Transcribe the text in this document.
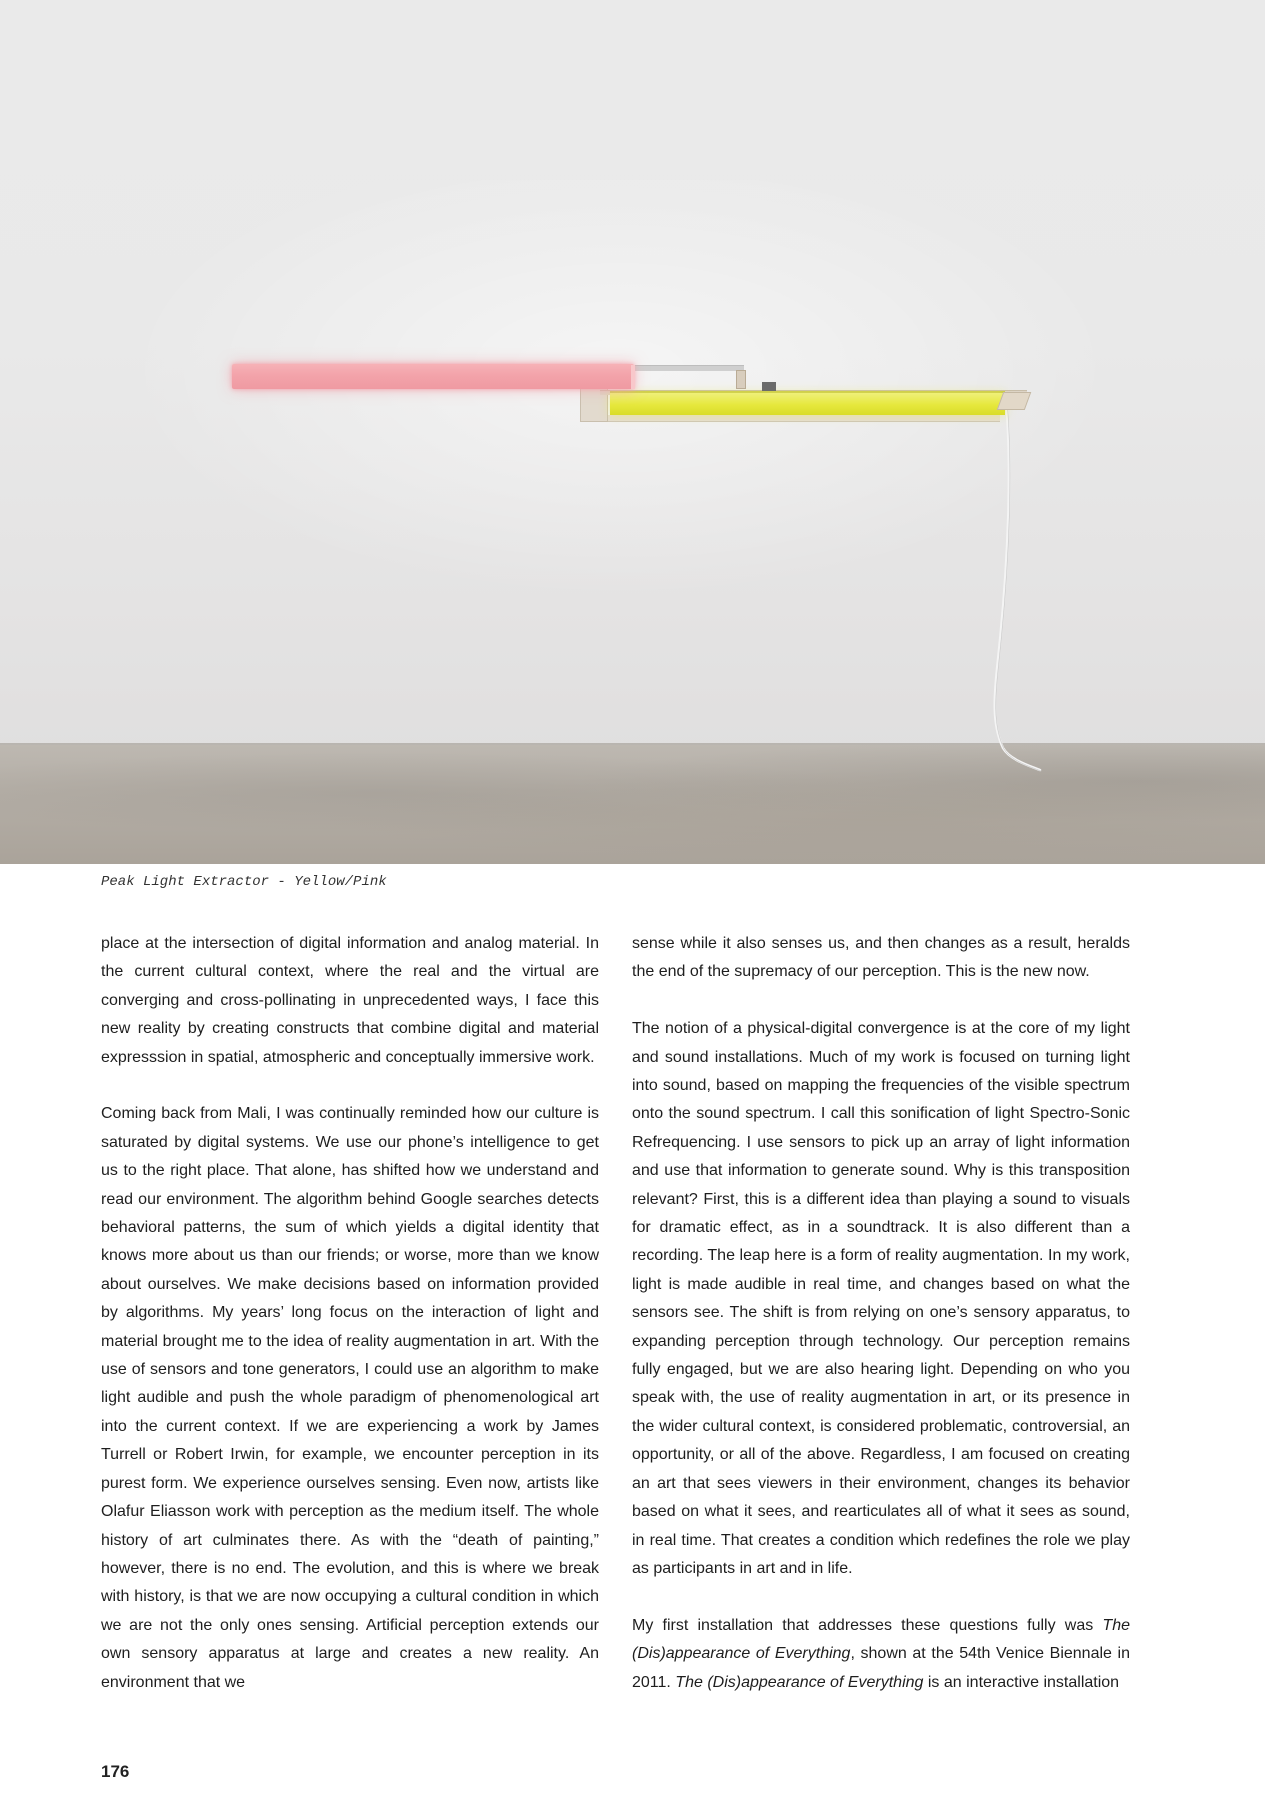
Peak Light Extractor - Yellow/Pink

place at the intersection of digital information and analog material. In the current cultural context, where the real and the virtual are converging and cross-pollinating in unprecedented ways, I face this new reality by creating constructs that combine digital and material expresssion in spatial, atmospheric and conceptually immersive work.

Coming back from Mali, I was continually reminded how our culture is saturated by digital systems. We use our phone’s intelligence to get us to the right place. That alone, has shifted how we understand and read our environment. The algorithm behind Google searches detects behavioral patterns, the sum of which yields a digital identity that knows more about us than our friends; or worse, more than we know about ourselves. We make decisions based on information provided by algorithms. My years’ long focus on the interaction of light and material brought me to the idea of reality augmentation in art. With the use of sensors and tone generators, I could use an algorithm to make light audible and push the whole paradigm of phenomenological art into the current context. If we are experiencing a work by James Turrell or Robert Irwin, for example, we encounter perception in its purest form. We experience ourselves sensing. Even now, artists like Olafur Eliasson work with perception as the medium itself. The whole history of art culminates there. As with the “death of painting,” however, there is no end. The evolution, and this is where we break with history, is that we are now occupying a cultural condition in which we are not the only ones sensing. Artificial perception extends our own sensory apparatus at large and creates a new reality. An environment that we

sense while it also senses us, and then changes as a result, heralds the end of the supremacy of our perception. This is the new now.

The notion of a physical-digital convergence is at the core of my light and sound installations. Much of my work is focused on turning light into sound, based on mapping the frequencies of the visible spectrum onto the sound spectrum. I call this sonification of light Spectro-Sonic Refrequencing. I use sensors to pick up an array of light information and use that information to generate sound. Why is this transposition relevant? First, this is a different idea than playing a sound to visuals for dramatic effect, as in a soundtrack. It is also different than a recording. The leap here is a form of reality augmentation. In my work, light is made audible in real time, and changes based on what the sensors see. The shift is from relying on one’s sensory apparatus, to expanding perception through technology. Our perception remains fully engaged, but we are also hearing light. Depending on who you speak with, the use of reality augmentation in art, or its presence in the wider cultural context, is considered problematic, controversial, an opportunity, or all of the above. Regardless, I am focused on creating an art that sees viewers in their environment, changes its behavior based on what it sees, and rearticulates all of what it sees as sound, in real time. That creates a condition which redefines the role we play as participants in art and in life.

My first installation that addresses these questions fully was The (Dis)appearance of Everything, shown at the 54th Venice Biennale in 2011. The (Dis)appearance of Everything is an interactive installation

176
